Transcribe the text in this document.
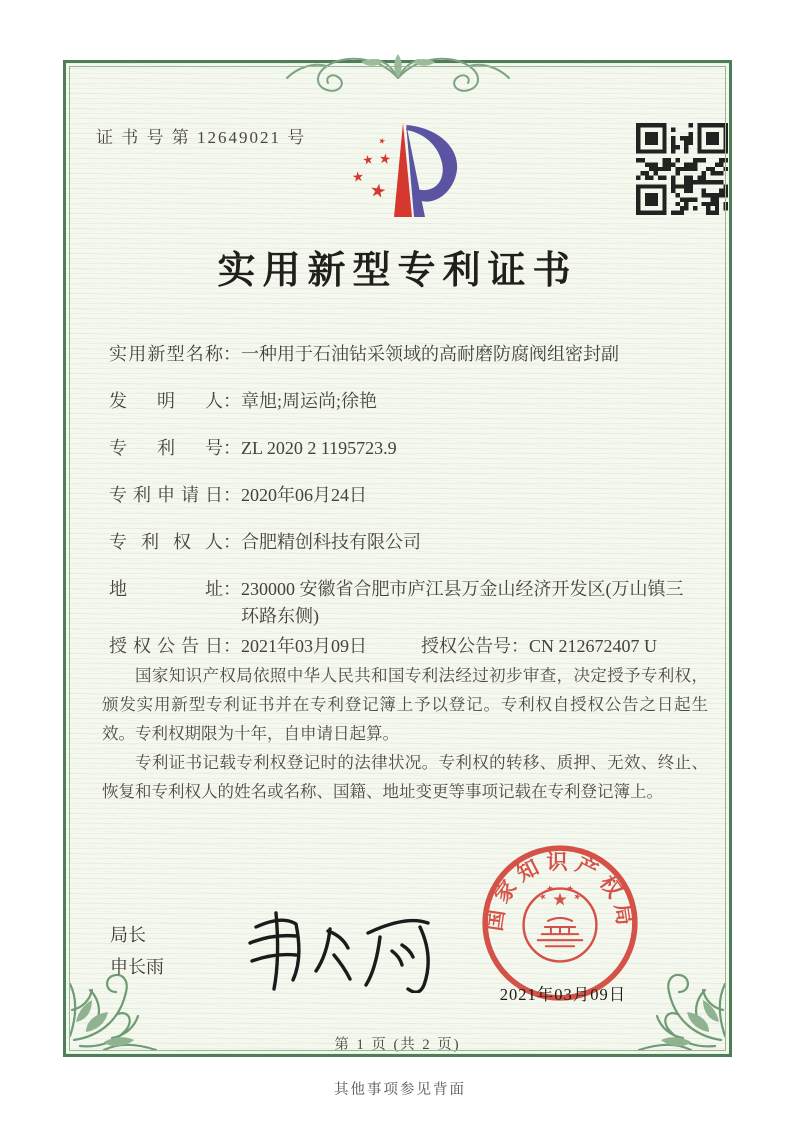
证 书 号 第 12649021 号
实用新型专利证书
实用新型名称：一种用于石油钻采领域的高耐磨防腐阀组密封副
发明人：章旭;周运尚;徐艳
专利号：ZL 2020 2 1195723.9
专利申请日：2020年06月24日
专利权人：合肥精创科技有限公司
地址：230000 安徽省合肥市庐江县万金山经济开发区(万山镇三环路东侧)
授权公告日：2021年03月09日	授权公告号：CN 212672407 U

国家知识产权局依照中华人民共和国专利法经过初步审查，决定授予专利权，颁发实用新型专利证书并在专利登记簿上予以登记。专利权自授权公告之日起生效。专利权期限为十年，自申请日起算。

专利证书记载专利权登记时的法律状况。专利权的转移、质押、无效、终止、恢复和专利权人的姓名或名称、国籍、地址变更等事项记载在专利登记簿上。

局长
申长雨
国家知识产权局
2021年03月09日
第 1 页 (共 2 页)
其他事项参见背面
